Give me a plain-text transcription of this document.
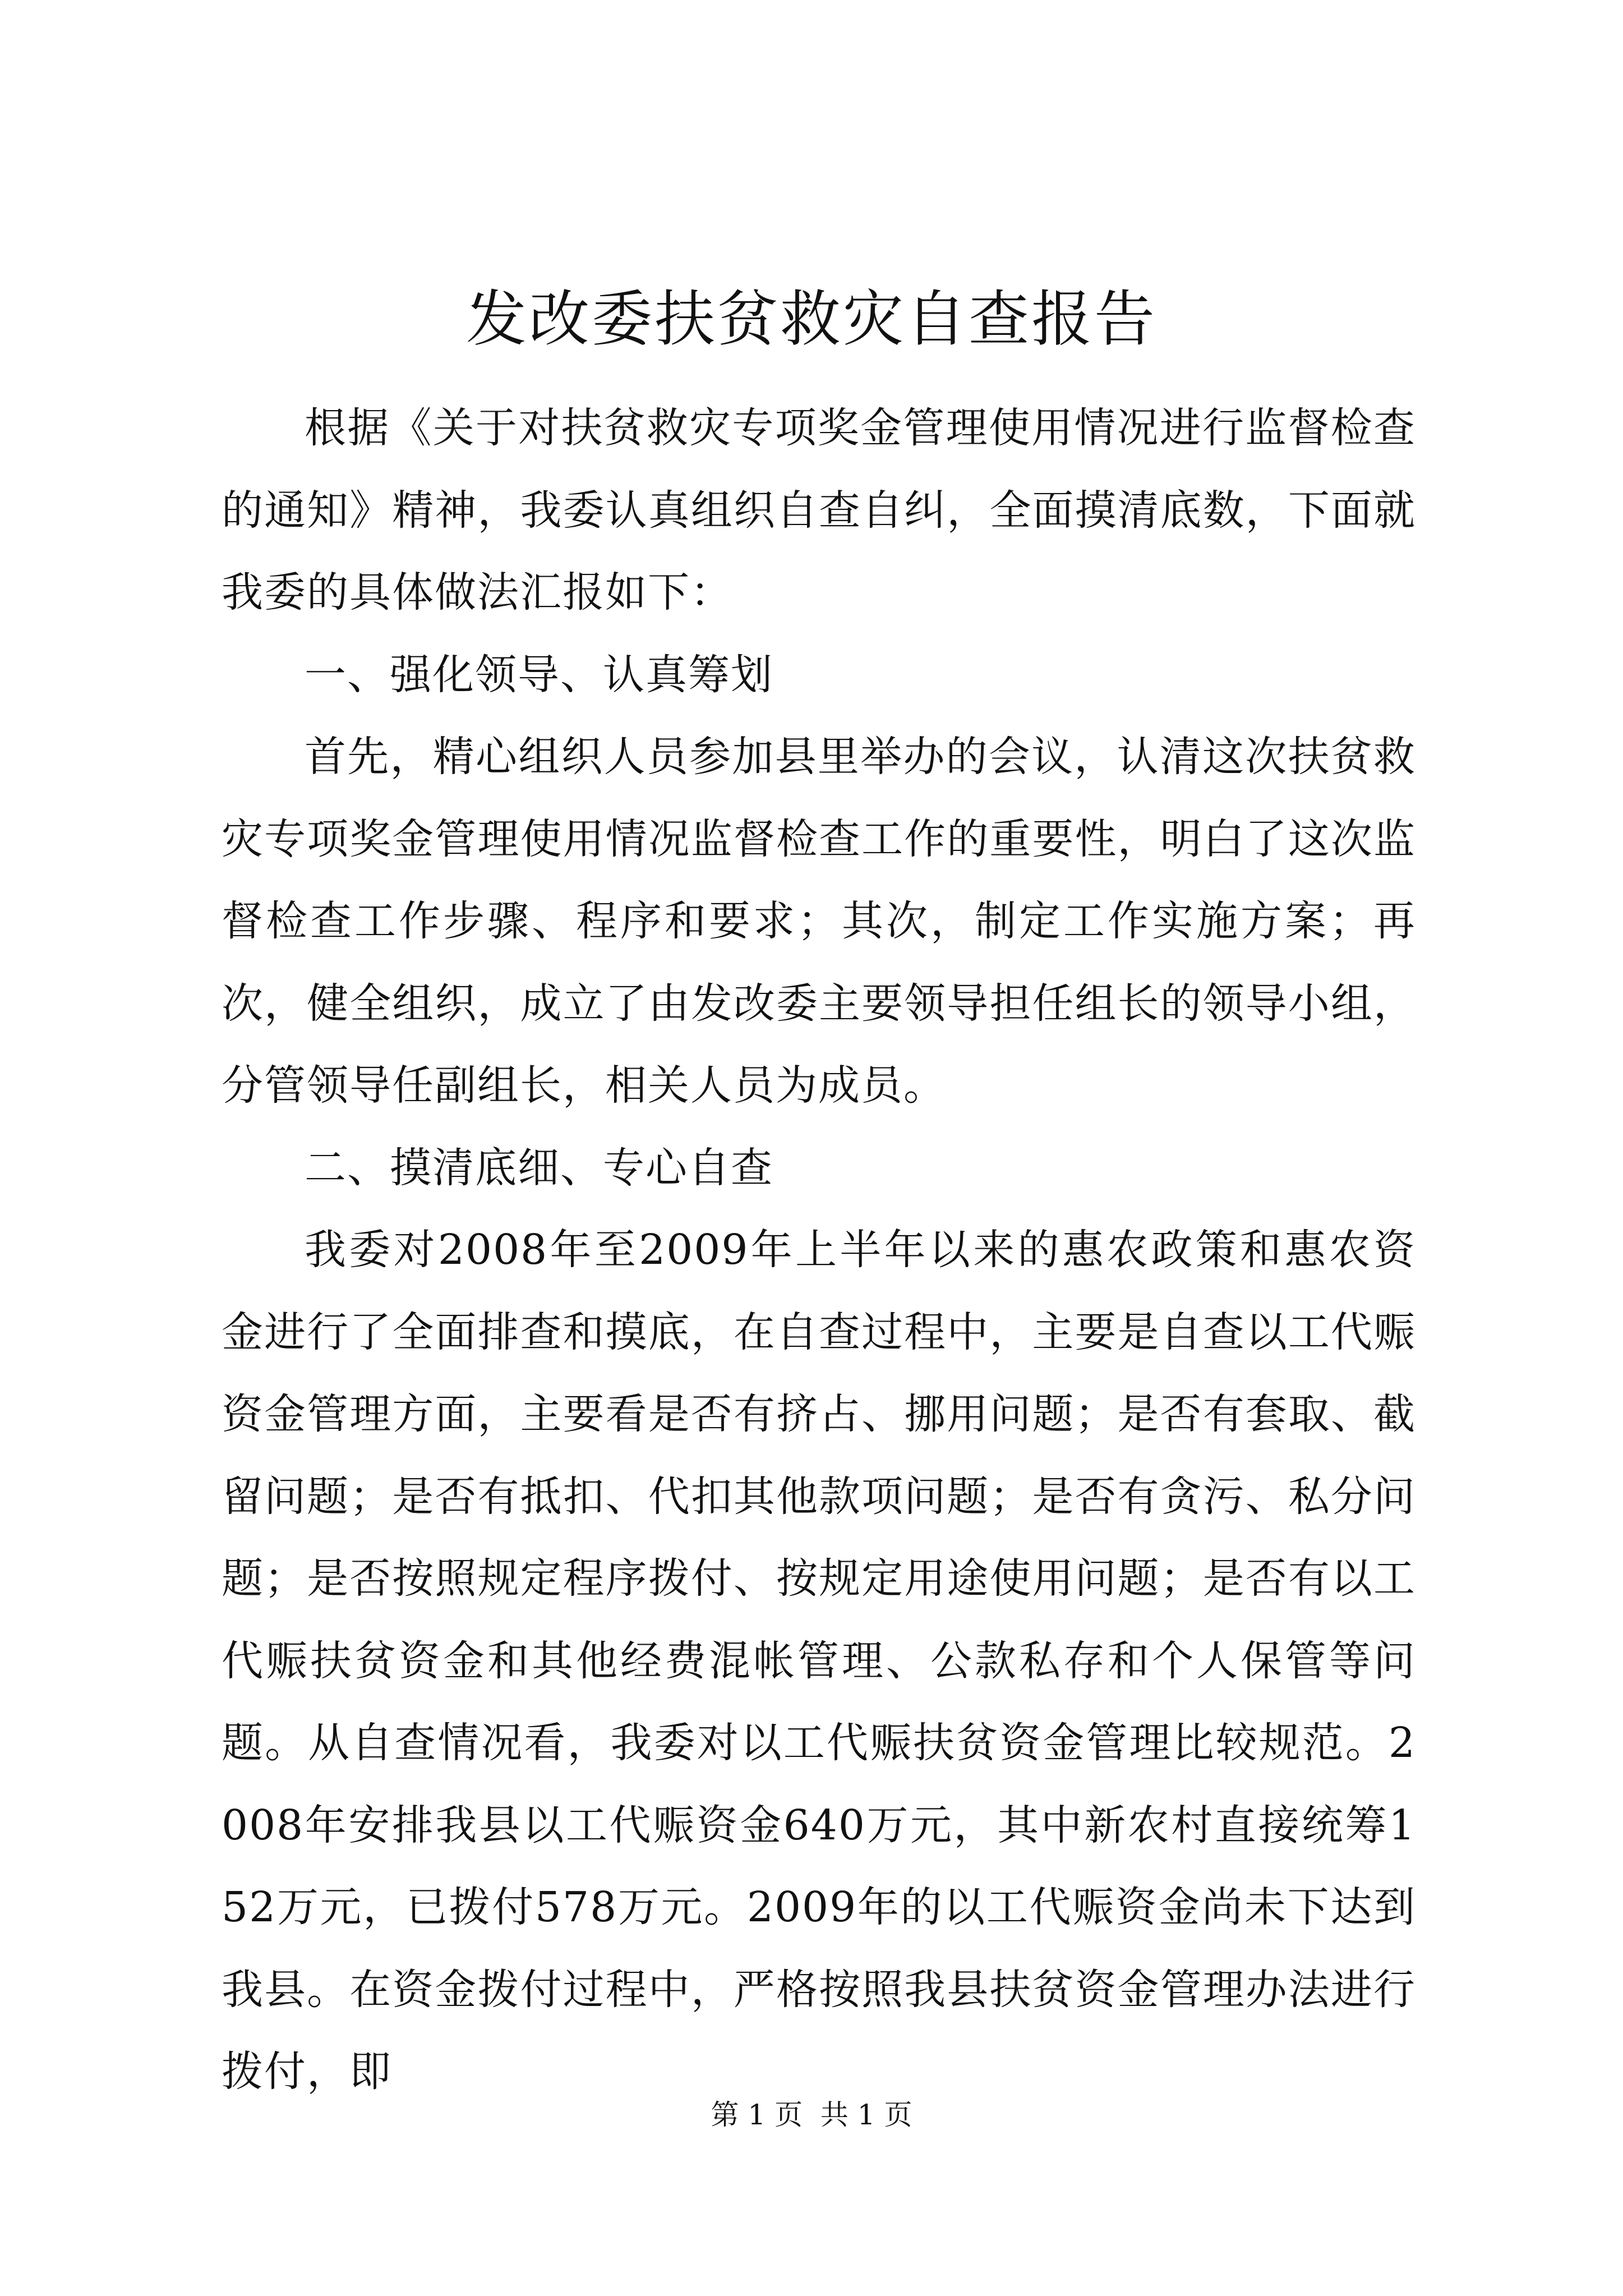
发改委扶贫救灾自查报告

根据《关于对扶贫救灾专项奖金管理使用情况进行监督检查的通知》精神，我委认真组织自查自纠，全面摸清底数，下面就我委的具体做法汇报如下：

一、强化领导、认真筹划

首先，精心组织人员参加县里举办的会议，认清这次扶贫救灾专项奖金管理使用情况监督检查工作的重要性，明白了这次监督检查工作步骤、程序和要求；其次，制定工作实施方案；再次，健全组织，成立了由发改委主要领导担任组长的领导小组，分管领导任副组长，相关人员为成员。

二、摸清底细、专心自查

我委对2008年至2009年上半年以来的惠农政策和惠农资金进行了全面排查和摸底，在自查过程中，主要是自查以工代赈资金管理方面，主要看是否有挤占、挪用问题；是否有套取、截留问题；是否有抵扣、代扣其他款项问题；是否有贪污、私分问题；是否按照规定程序拨付、按规定用途使用问题；是否有以工代赈扶贫资金和其他经费混帐管理、公款私存和个人保管等问题。从自查情况看，我委对以工代赈扶贫资金管理比较规范。2008年安排我县以工代赈资金640万元，其中新农村直接统筹152万元，已拨付578万元。2009年的以工代赈资金尚未下达到我县。在资金拨付过程中，严格按照我县扶贫资金管理办法进行拨付，即

第 1 页  共 1 页
